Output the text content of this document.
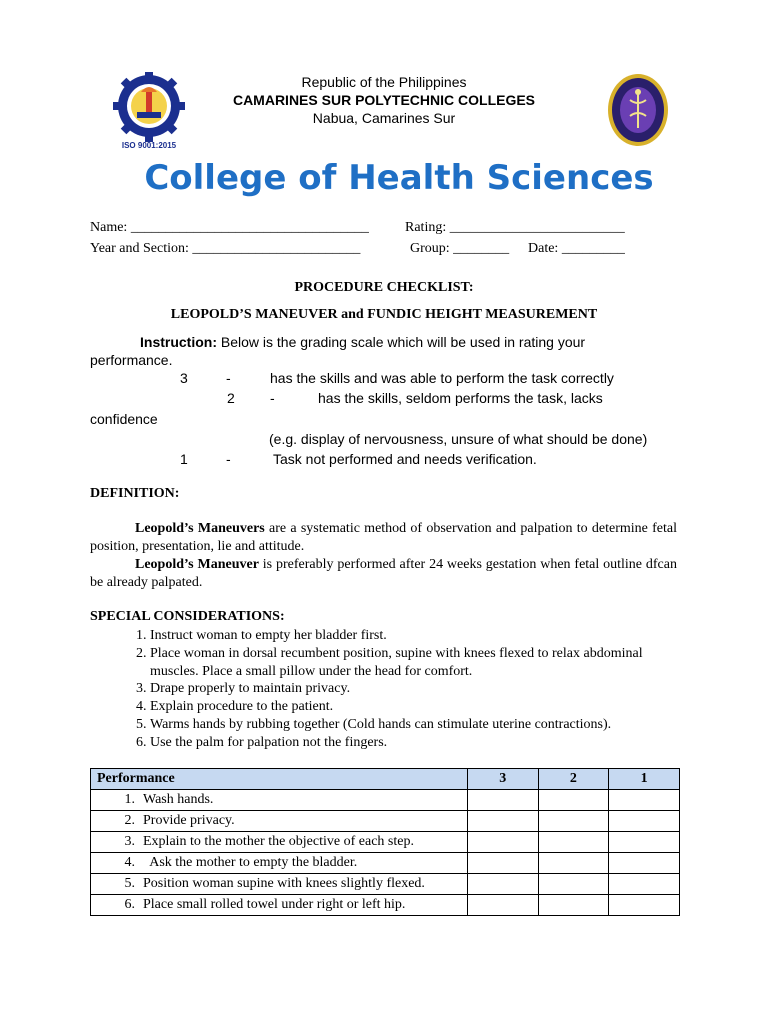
ISO 9001:2015
Republic of the Philippines
CAMARINES SUR POLYTECHNIC COLLEGES
Nabua, Camarines Sur
College of Health Sciences
Name: __________________________________	Rating: _________________________
Year and Section: ________________________	Group: ________ Date: _________
PROCEDURE CHECKLIST:
LEOPOLD’S MANEUVER and FUNDIC HEIGHT MEASUREMENT
Instruction: Below is the grading scale which will be used in rating your
performance.
3	-	has the skills and was able to perform the task correctly
2	-	has the skills, seldom performs the task, lacks
confidence
(e.g. display of nervousness, unsure of what should be done)
1	-	Task not performed and needs verification.
DEFINITION:
Leopold’s Maneuvers are a systematic method of observation and palpation to determine fetal position, presentation, lie and attitude.
Leopold’s Maneuver is preferably performed after 24 weeks gestation when fetal outline dfcan be already palpated.
SPECIAL CONSIDERATIONS:
1. Instruct woman to empty her bladder first.
2. Place woman in dorsal recumbent position, supine with knees flexed to relax abdominal muscles. Place a small pillow under the head for comfort.
3. Drape properly to maintain privacy.
4. Explain procedure to the patient.
5. Warms hands by rubbing together (Cold hands can stimulate uterine contractions).
6. Use the palm for palpation not the fingers.
Performance	3	2	1
1. Wash hands.			
2. Provide privacy.			
3. Explain to the mother the objective of each step.			
4.  Ask the mother to empty the bladder.			
5. Position woman supine with knees slightly flexed.			
6. Place small rolled towel under right or left hip.			
